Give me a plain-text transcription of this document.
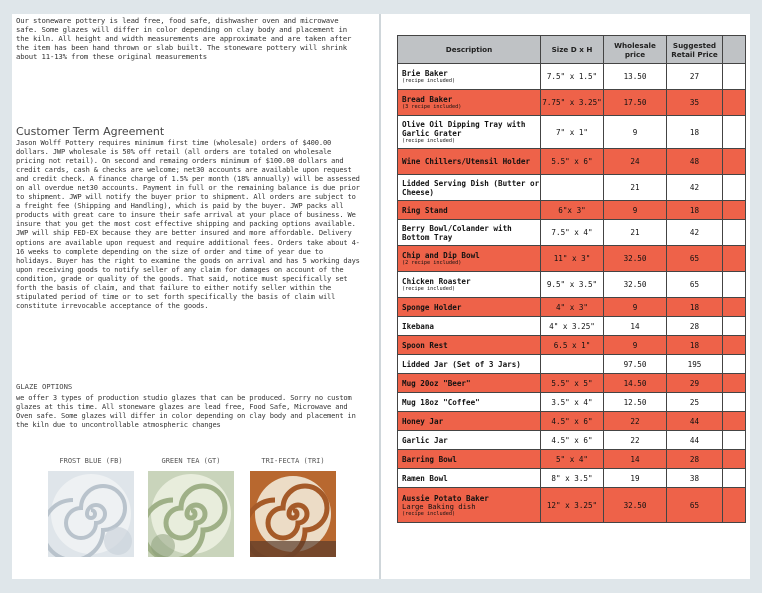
Our stoneware pottery is lead free, food safe, dishwasher oven and microwave safe. Some glazes will differ in color depending on clay body and placement in the kiln. All height and width measurements are approximate and are taken after the item has been hand thrown or slab built. The stoneware pottery will shrink about 11-13% from these original measurements
Customer Term Agreement
Jason Wolff Pottery requires minimum first time (wholesale) orders of $400.00 dollars. JWP wholesale is 50% off retail (all orders are totaled on wholesale pricing not retail). On second and remaing orders minimum of $100.00 dollars and credit cards, cash & checks are welcome; net30 accounts are available upon request and credit check. A finance charge of 1.5% per month (18% annually) will be assessed on all overdue net30 accounts. Payment in full or the remaining balance is due prior to shipment. JWP will notify the buyer prior to shipment. All orders are subject to a freight fee (Shipping and Handling), which is paid by the buyer. JWP packs all products with great care to insure their safe arrival at your place of business. We insure that you get the most cost effective shipping and packing options available. JWP will ship FED-EX because they are better insured and more affordable. Delivery options are available upon request and require additional fees. Orders take about 4-16 weeks to complete depending on the size of order and time of year due to holidays. Buyer has the right to examine the goods on arrival and has 5 working days upon receiving goods to notify seller of any claim for damages on account of the condition, grade or quality of the goods. That said, notice must specifically set forth the basis of claim, and that failure to either notify seller within the stipulated period of time or to set forth specifically the basis of claim will constitute irrevocable acceptance of the goods.
GLAZE OPTIONS
we offer 3 types of production studio glazes that can be produced. Sorry no custom glazes at this time. All stoneware glazes are lead free, Food Safe, Microwave and Oven safe. Some glazes will differ in color depending on clay body and placement in the kiln due to uncontrollable atmospheric changes
FROST BLUE (FB)	GREEN TEA (GT)	TRI-FECTA (TRI)
Description	Size D x H	Wholesale price	Suggested Retail Price	
Brie Baker
(recipe included)	7.5" x 1.5"	13.50	27	
Bread Baker
(3 recipe included)	7.75" x 3.25"	17.50	35	
Olive Oil Dipping Tray with Garlic Grater
(recipe included)	7" x 1"	9	18	
Wine Chillers/Utensil Holder	5.5" x 6"	24	48	
Lidded Serving Dish (Butter or Cheese)		21	42	
Ring Stand	6"x 3"	9	18	
Berry Bowl/Colander with Bottom Tray	7.5" x 4"	21	42	
Chip and Dip Bowl
(2 recipe included)	11" x 3"	32.50	65	
Chicken Roaster
(recipe included)	9.5" x 3.5"	32.50	65	
Sponge Holder	4" x 3"	9	18	
Ikebana	4" x 3.25"	14	28	
Spoon Rest	6.5 x 1"	9	18	
Lidded Jar (Set of 3 Jars)		97.50	195	
Mug 20oz "Beer"	5.5" x 5"	14.50	29	
Mug 18oz "Coffee"	3.5" x 4"	12.50	25	
Honey Jar	4.5" x 6"	22	44	
Garlic Jar	4.5" x 6"	22	44	
Barring Bowl	5" x 4"	14	28	
Ramen Bowl	8" x 3.5"	19	38	
Aussie Potato Baker
Large Baking dish
(recipe included)	12" x 3.25"	32.50	65	
